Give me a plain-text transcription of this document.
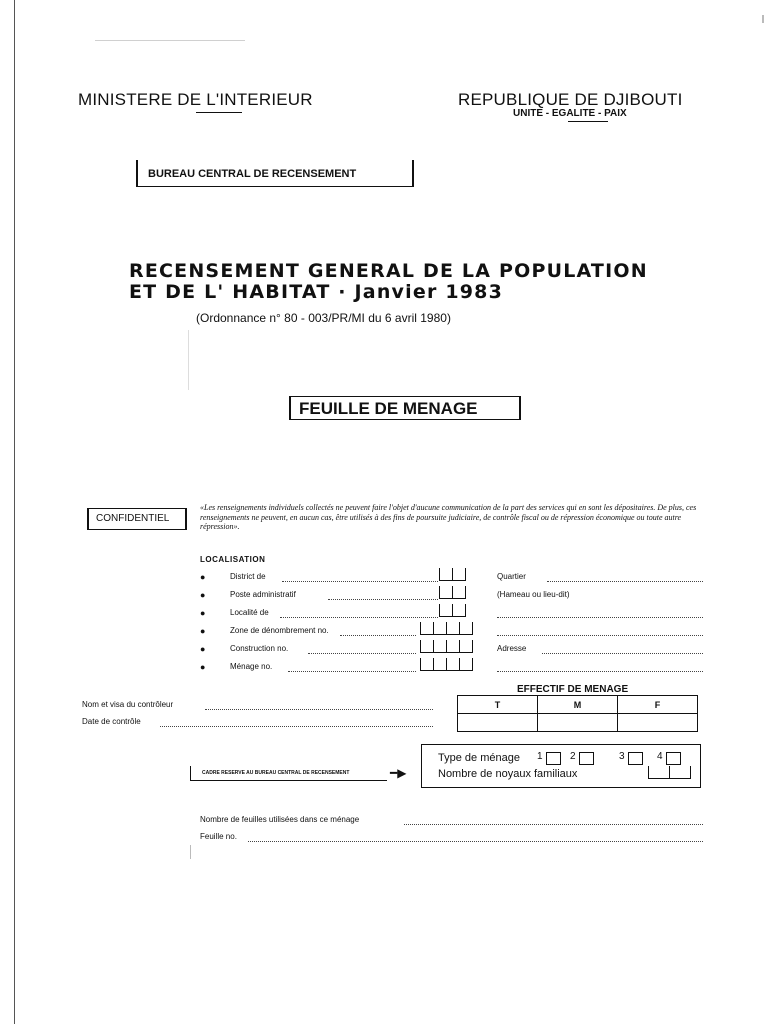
MINISTERE DE L'INTERIEUR	REPUBLIQUE DE DJIBOUTI
UNITE - EGALITE - PAIX
BUREAU CENTRAL DE RECENSEMENT
RECENSEMENT GENERAL DE LA POPULATION
ET DE L' HABITAT · Janvier 1983
(Ordonnance n° 80 - 003/PR/MI du 6 avril 1980)
FEUILLE DE MENAGE
CONFIDENTIEL
«Les renseignements individuels collectés ne peuvent faire l'objet d'aucune communication de la part des services qui en sont les dépositaires. De plus, ces renseignements ne peuvent, en aucun cas, être utilisés à des fins de poursuite judiciaire, de contrôle fiscal ou de répression économique ou toute autre répression».
LOCALISATION
●	District de	Quartier
●	Poste administratif	(Hameau ou lieu-dit)
●	Localité de
●	Zone de dénombrement no.
●	Construction no.	Adresse
●	Ménage no.
Nom et visa du contrôleur
Date de contrôle
EFFECTIF DE MENAGE
T	M	F

CADRE RESERVE AU BUREAU CENTRAL DE RECENSEMENT	━▶
Type de ménage 1	2	3	4
Nombre de noyaux familiaux
Nombre de feuilles utilisées dans ce ménage
Feuille no.
